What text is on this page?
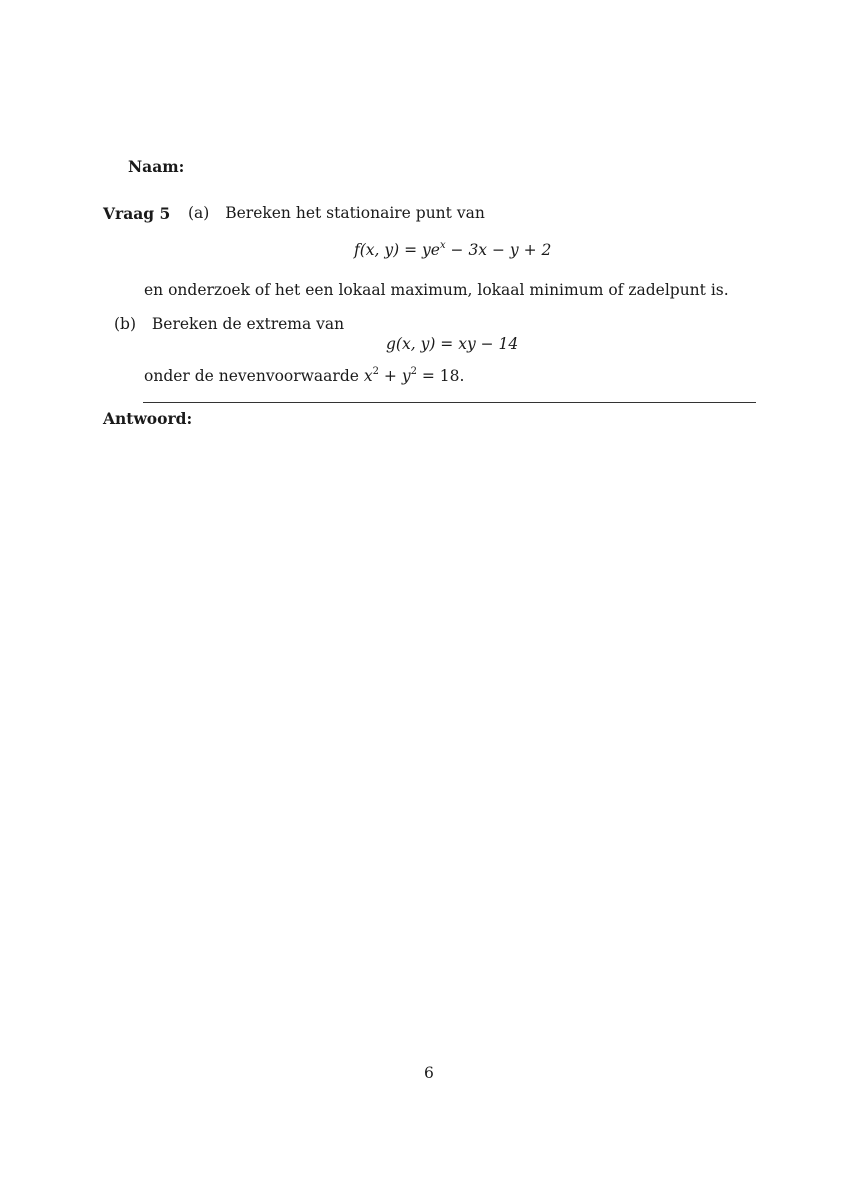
Naam:
Vraag 5 (a) Bereken het stationaire punt van
f(x, $y) = ye^x - 3x - y + 2$
en onderzoek of het een lokaal maximum, lokaal minimum of zadelpunt is.
(b) Bereken de extrema van
g(x, y) = xy − 14
onder de nevenvoorwaarde $x^2 + y^2 = 18$.
Antwoord:
6
